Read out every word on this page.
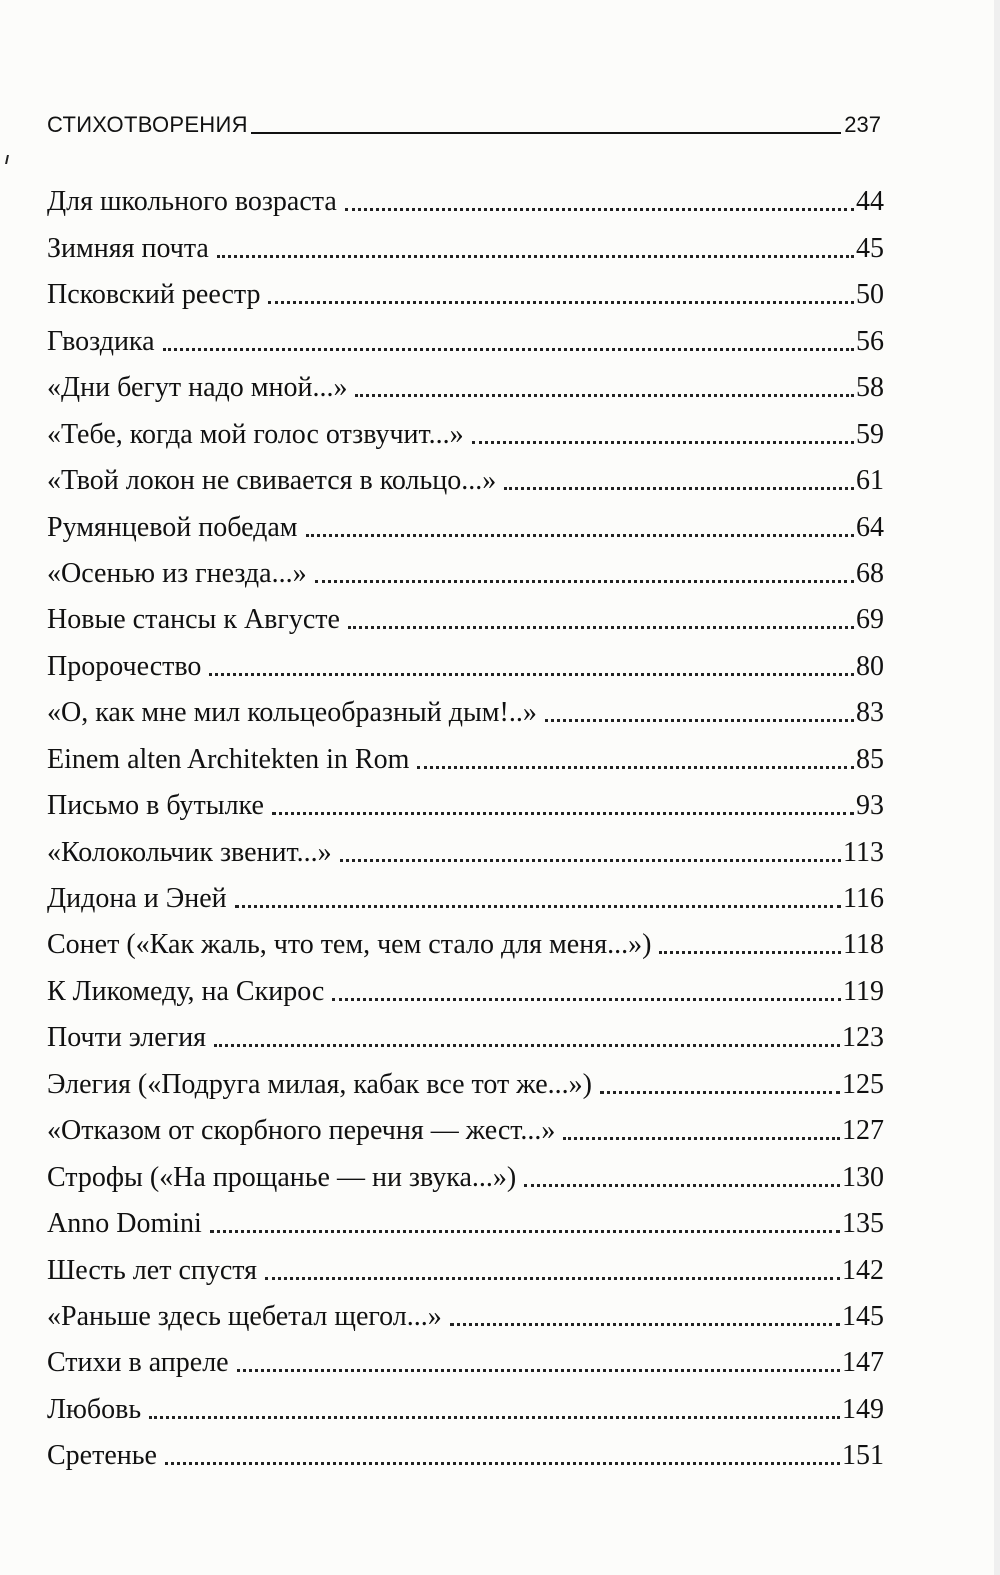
СТИХОТВОРЕНИЯ	237
Для школьного возраста	44
Зимняя почта	45
Псковский реестр	50
Гвоздика	56
«Дни бегут надо мной...»	58
«Тебе, когда мой голос отзвучит...»	59
«Твой локон не свивается в кольцо...»	61
Румянцевой победам	64
«Осенью из гнезда...»	68
Новые стансы к Августе	69
Пророчество	80
«О, как мне мил кольцеобразный дым!..»	83
Einem alten Architekten in Rom	85
Письмо в бутылке	93
«Колокольчик звенит...»	113
Дидона и Эней	116
Сонет («Как жаль, что тем, чем стало для меня...»)	118
К Ликомеду, на Скирос	119
Почти элегия	123
Элегия («Подруга милая, кабак все тот же...»)	125
«Отказом от скорбного перечня — жест...»	127
Строфы («На прощанье — ни звука...»)	130
Anno Domini	135
Шесть лет спустя	142
«Раньше здесь щебетал щегол...»	145
Стихи в апреле	147
Любовь	149
Сретенье	151
